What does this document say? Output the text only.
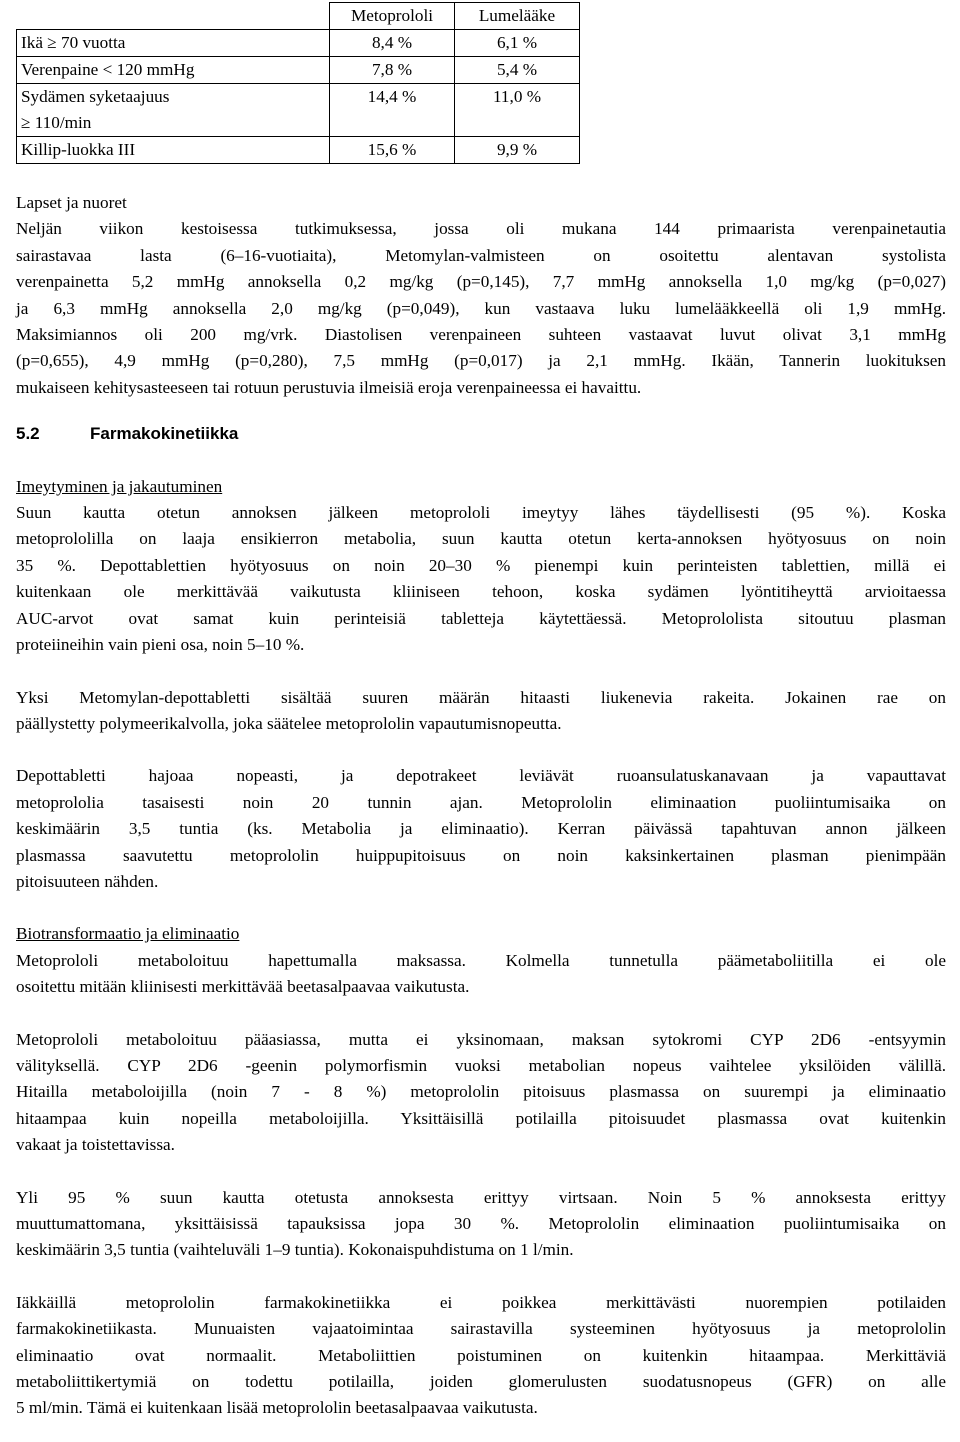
	Metoprololi	Lumelääke
Ikä ≥ 70 vuotta	8,4 %	6,1 %
Verenpaine < 120 mmHg	7,8 %	5,4 %
Sydämen syketaajuus
≥ 110/min	14,4 %	11,0 %
Killip-luokka III	15,6 %	9,9 %
Lapset ja nuoret
Neljän viikon kestoisessa tutkimuksessa, jossa oli mukana 144 primaarista verenpainetautia
sairastavaa lasta (6–16-vuotiaita), Metomylan-valmisteen on osoitettu alentavan systolista
verenpainetta 5,2 mmHg annoksella 0,2 mg/kg (p=0,145), 7,7 mmHg annoksella 1,0 mg/kg (p=0,027)
ja 6,3 mmHg annoksella 2,0 mg/kg (p=0,049), kun vastaava luku lumelääkkeellä oli 1,9 mmHg.
Maksimiannos oli 200 mg/vrk. Diastolisen verenpaineen suhteen vastaavat luvut olivat 3,1 mmHg
(p=0,655), 4,9 mmHg (p=0,280), 7,5 mmHg (p=0,017) ja 2,1 mmHg. Ikään, Tannerin luokituksen
mukaiseen kehitysasteeseen tai rotuun perustuvia ilmeisiä eroja verenpaineessa ei havaittu.
5.2	Farmakokinetiikka
Imeytyminen ja jakautuminen
Suun kautta otetun annoksen jälkeen metoprololi imeytyy lähes täydellisesti (95 %). Koska
metoprololilla on laaja ensikierron metabolia, suun kautta otetun kerta-annoksen hyötyosuus on noin
35 %. Depottablettien hyötyosuus on noin 20–30 % pienempi kuin perinteisten tablettien, millä ei
kuitenkaan ole merkittävää vaikutusta kliiniseen tehoon, koska sydämen lyöntitiheyttä arvioitaessa
AUC-arvot ovat samat kuin perinteisiä tabletteja käytettäessä. Metoprololista sitoutuu plasman
proteiineihin vain pieni osa, noin 5–10 %.
Yksi Metomylan-depottabletti sisältää suuren määrän hitaasti liukenevia rakeita. Jokainen rae on
päällystetty polymeerikalvolla, joka säätelee metoprololin vapautumisnopeutta.
Depottabletti hajoaa nopeasti, ja depotrakeet leviävät ruoansulatuskanavaan ja vapauttavat
metoprololia tasaisesti noin 20 tunnin ajan. Metoprololin eliminaation puoliintumisaika on
keskimäärin 3,5 tuntia (ks. Metabolia ja eliminaatio). Kerran päivässä tapahtuvan annon jälkeen
plasmassa saavutettu metoprololin huippupitoisuus on noin kaksinkertainen plasman pienimpään
pitoisuuteen nähden.
Biotransformaatio ja eliminaatio
Metoprololi metaboloituu hapettumalla maksassa. Kolmella tunnetulla päämetaboliitilla ei ole
osoitettu mitään kliinisesti merkittävää beetasalpaavaa vaikutusta.
Metoprololi metaboloituu pääasiassa, mutta ei yksinomaan, maksan sytokromi CYP 2D6 -entsyymin
välityksellä. CYP 2D6 -geenin polymorfismin vuoksi metabolian nopeus vaihtelee yksilöiden välillä.
Hitailla metaboloijilla (noin 7 - 8 %) metoprololin pitoisuus plasmassa on suurempi ja eliminaatio
hitaampaa kuin nopeilla metaboloijilla. Yksittäisillä potilailla pitoisuudet plasmassa ovat kuitenkin
vakaat ja toistettavissa.
Yli 95 % suun kautta otetusta annoksesta erittyy virtsaan. Noin 5 % annoksesta erittyy
muuttumattomana, yksittäisissä tapauksissa jopa 30 %. Metoprololin eliminaation puoliintumisaika on
keskimäärin 3,5 tuntia (vaihteluväli 1–9 tuntia). Kokonaispuhdistuma on 1 l/min.
Iäkkäillä metoprololin farmakokinetiikka ei poikkea merkittävästi nuorempien potilaiden
farmakokinetiikasta. Munuaisten vajaatoimintaa sairastavilla systeeminen hyötyosuus ja metoprololin
eliminaatio ovat normaalit. Metaboliittien poistuminen on kuitenkin hitaampaa. Merkittäviä
metaboliittikertymiä on todettu potilailla, joiden glomerulusten suodatusnopeus (GFR) on alle
5 ml/min. Tämä ei kuitenkaan lisää metoprololin beetasalpaavaa vaikutusta.
